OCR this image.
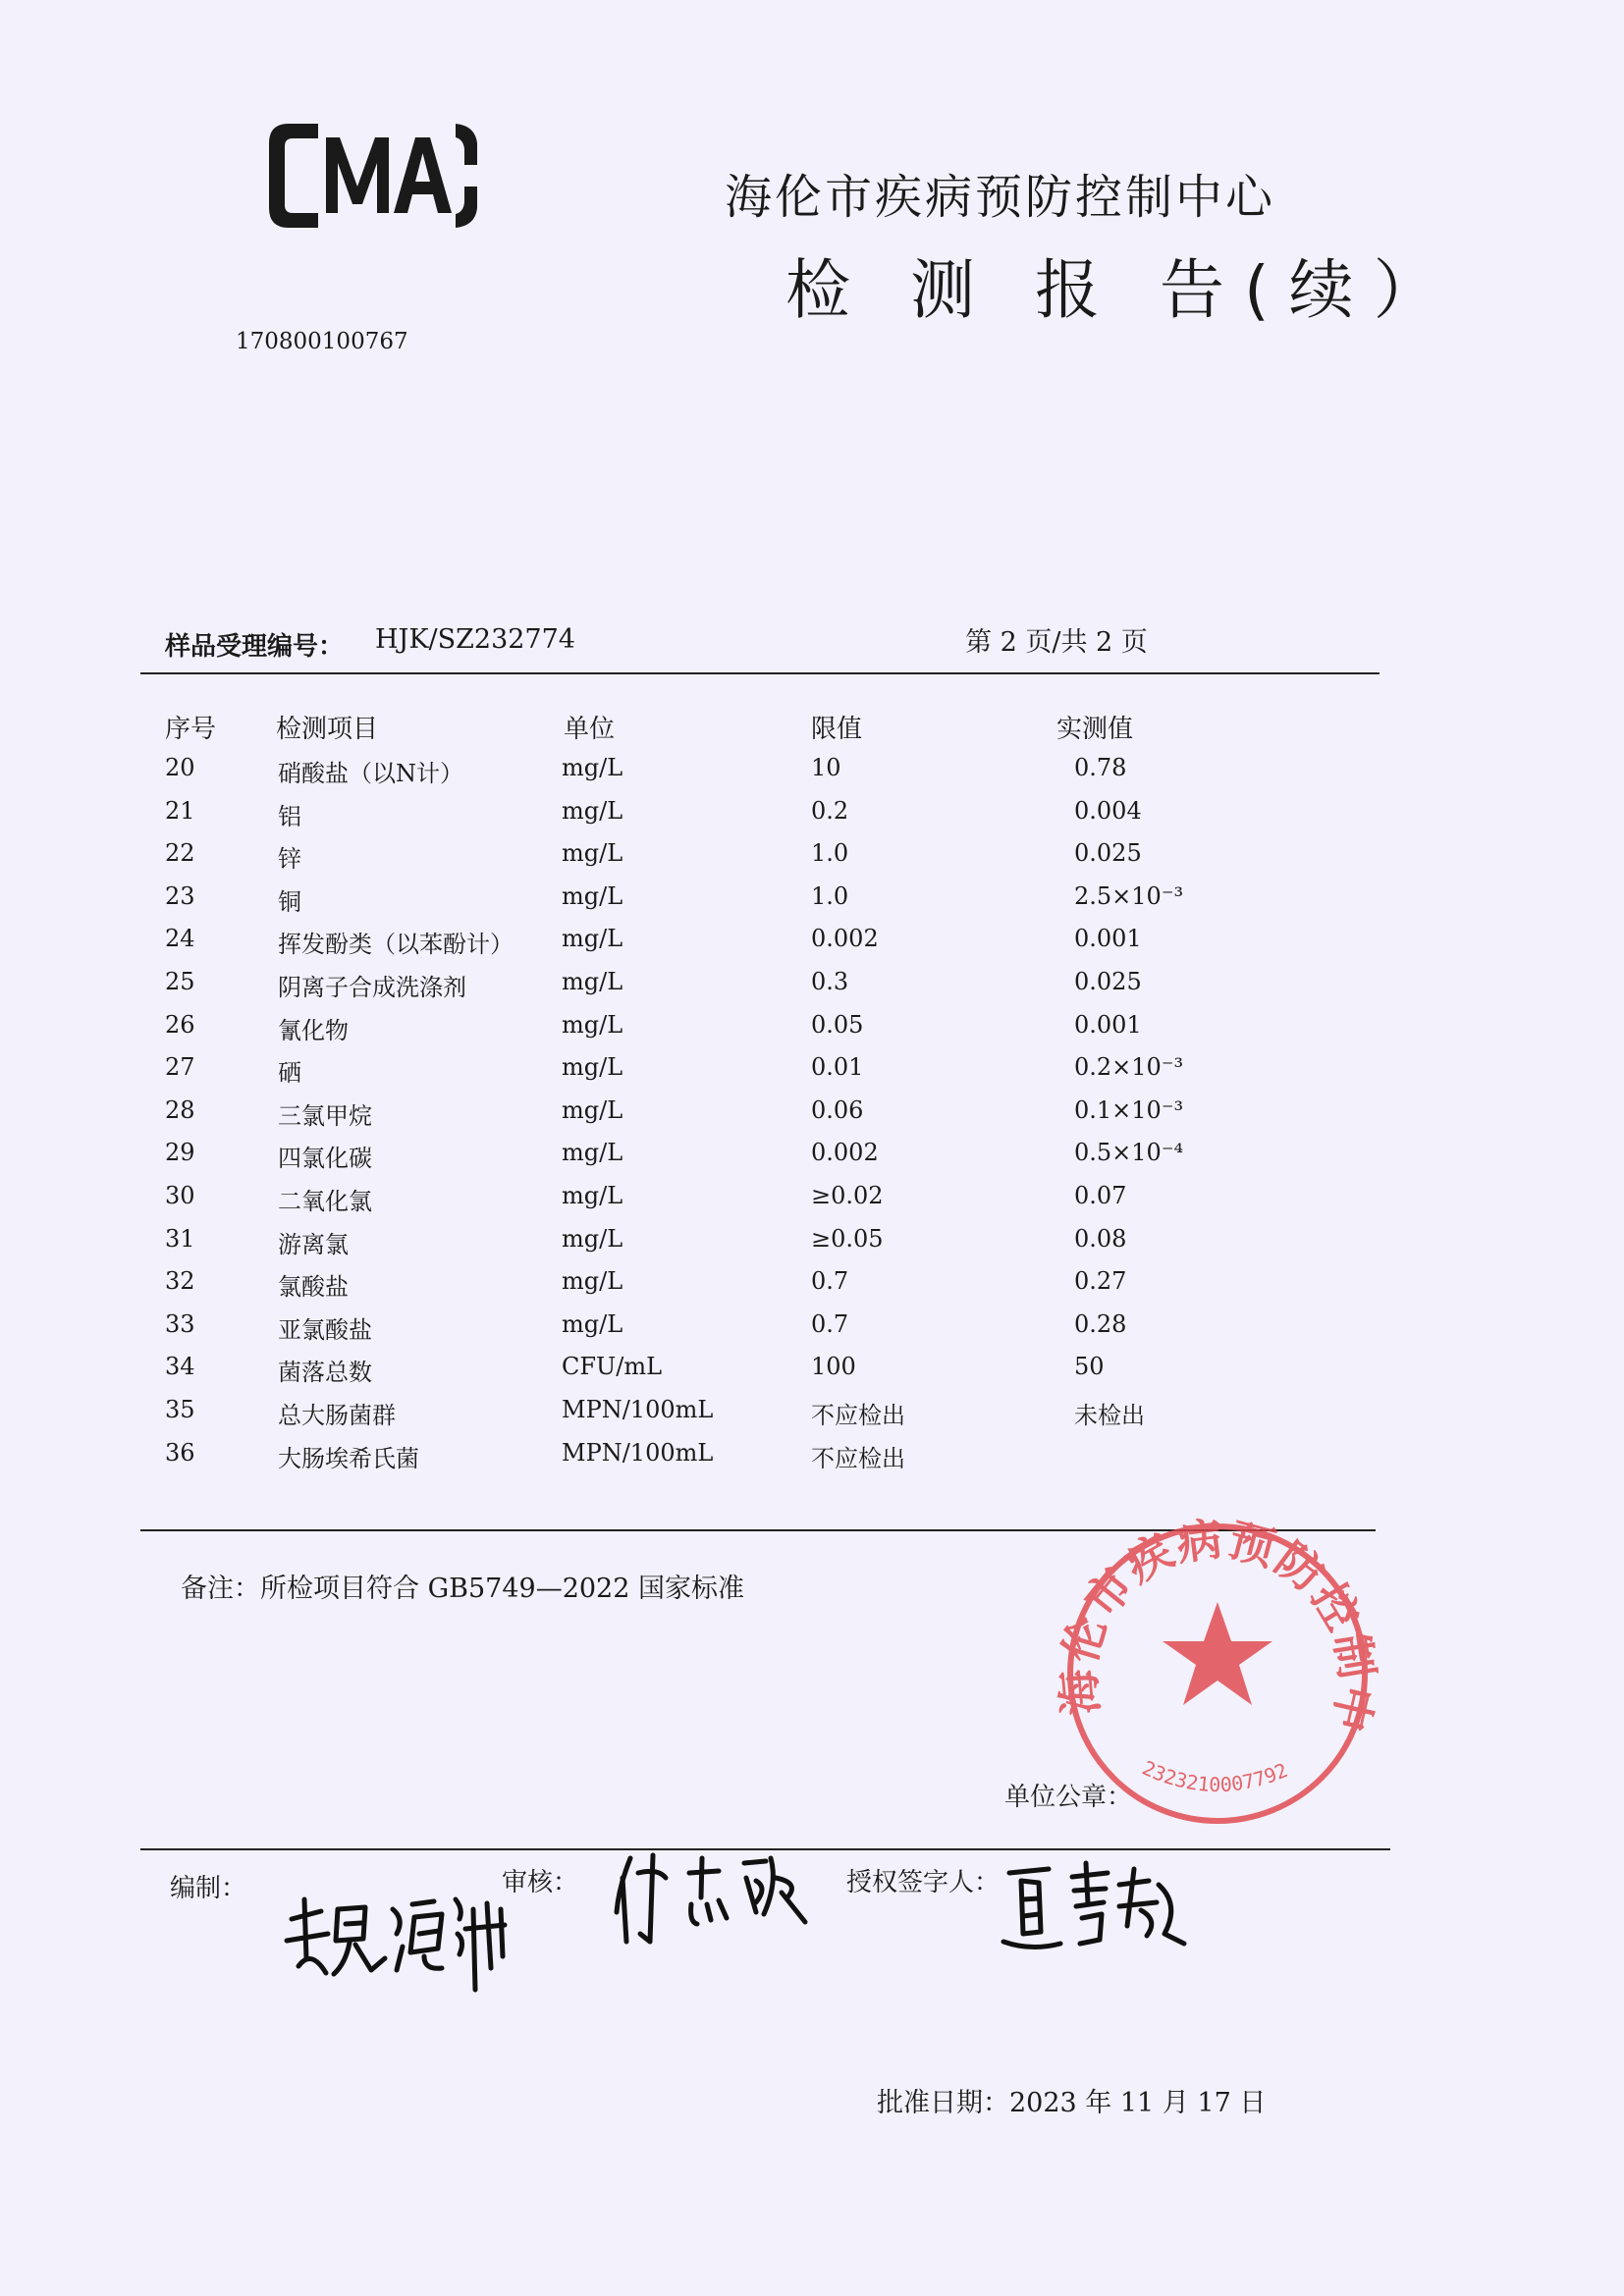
170800100767
海伦市疾病预防控制中心
检 测 报 告(续）
样品受理编号： HJK/SZ232774	第 2 页/共 2 页
序号 检测项目	单位	限值	实测值
20	硝酸盐（以N计）	mg/L	10	0.78
21	铝	mg/L	0.2	0.004
22	锌	mg/L	1.0	0.025
23	铜	mg/L	1.0	2.5×10⁻³
24	挥发酚类（以苯酚计） mg/L	0.002	0.001
25	阴离子合成洗涤剂	mg/L	0.3	0.025
26	氰化物	mg/L	0.05	0.001
27	硒	mg/L	0.01	0.2×10⁻³
28	三氯甲烷	mg/L	0.06	0.1×10⁻³
29	四氯化碳	mg/L	0.002	0.5×10⁻⁴
30	二氧化氯	mg/L	≥0.02	0.07
31	游离氯	mg/L	≥0.05	0.08
32	氯酸盐	mg/L	0.7	0.27
33	亚氯酸盐	mg/L	0.7	0.28
34	菌落总数	CFU/mL	100	50
35	总大肠菌群	MPN/100mL	不应检出	未检出
36	大肠埃希氏菌	MPN/100mL	不应检出
备注：所检项目符合 GB5749—2022 国家标准
海伦市疾病预防控制中
2323210007792
单位公章：
编制：	审核：	授权签字人：
批准日期：2023 年 11 月 17 日
